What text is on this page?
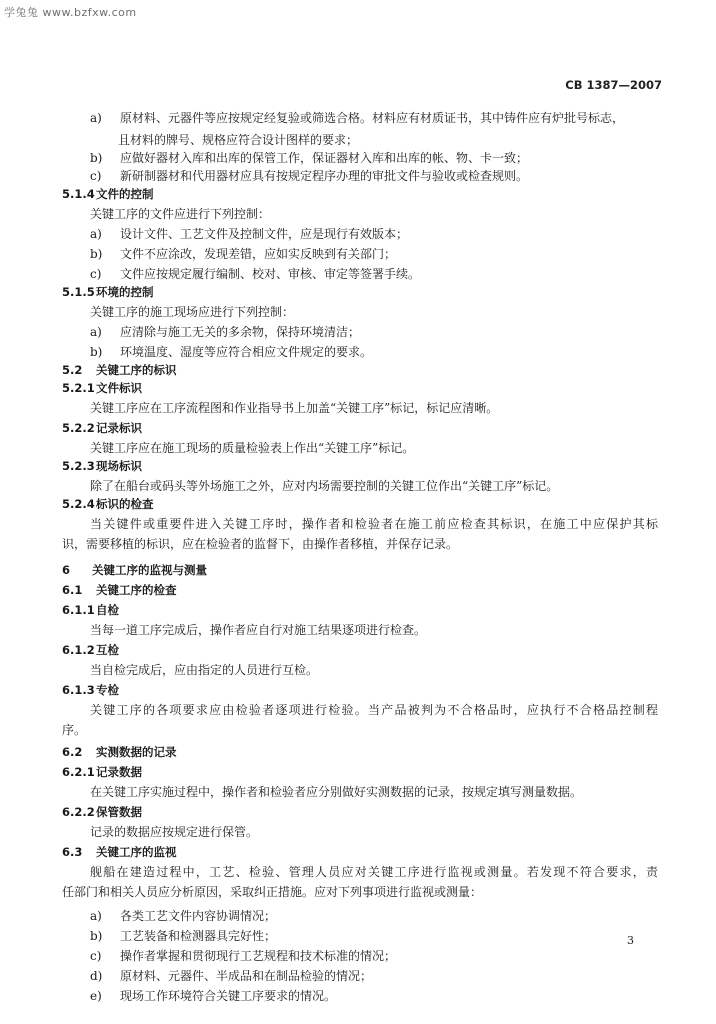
学兔兔 www.bzfxw.com
CB 1387—2007
a) 原材料、元器件等应按规定经复验或筛选合格。材料应有材质证书，其中铸件应有炉批号标志，
且材料的牌号、规格应符合设计图样的要求；
b) 应做好器材入库和出库的保管工作，保证器材入库和出库的帐、物、卡一致；
c) 新研制器材和代用器材应具有按规定程序办理的审批文件与验收或检查规则。
5.1.4文件的控制
关键工序的文件应进行下列控制：
a) 设计文件、工艺文件及控制文件，应是现行有效版本；
b) 文件不应涂改，发现差错，应如实反映到有关部门；
c) 文件应按规定履行编制、校对、审核、审定等签署手续。
5.1.5环境的控制
关键工序的施工现场应进行下列控制：
a) 应清除与施工无关的多余物，保持环境清洁；
b) 环境温度、湿度等应符合相应文件规定的要求。
5.2 关键工序的标识
5.2.1文件标识
关键工序应在工序流程图和作业指导书上加盖“关键工序”标记，标记应清晰。
5.2.2记录标识
关键工序应在施工现场的质量检验表上作出“关键工序”标记。
5.2.3现场标识
除了在船台或码头等外场施工之外，应对内场需要控制的关键工位作出“关键工序”标记。
5.2.4标识的检查
当关键件或重要件进入关键工序时，操作者和检验者在施工前应检查其标识，在施工中应保护其标
识，需要移植的标识，应在检验者的监督下，由操作者移植，并保存记录。
6 关键工序的监视与测量
6.1 关键工序的检查
6.1.1自检
当每一道工序完成后，操作者应自行对施工结果逐项进行检查。
6.1.2互检
当自检完成后，应由指定的人员进行互检。
6.1.3专检
关键工序的各项要求应由检验者逐项进行检验。当产品被判为不合格品时，应执行不合格品控制程
序。
6.2 实测数据的记录
6.2.1记录数据
在关键工序实施过程中，操作者和检验者应分别做好实测数据的记录，按规定填写测量数据。
6.2.2保管数据
记录的数据应按规定进行保管。
6.3 关键工序的监视
舰船在建造过程中，工艺、检验、管理人员应对关键工序进行监视或测量。若发现不符合要求，责
任部门和相关人员应分析原因，采取纠正措施。应对下列事项进行监视或测量：
a) 各类工艺文件内容协调情况；
b) 工艺装备和检测器具完好性；
c) 操作者掌握和贯彻现行工艺规程和技术标准的情况；
d) 原材料、元器件、半成品和在制品检验的情况；
e) 现场工作环境符合关键工序要求的情况。
3
